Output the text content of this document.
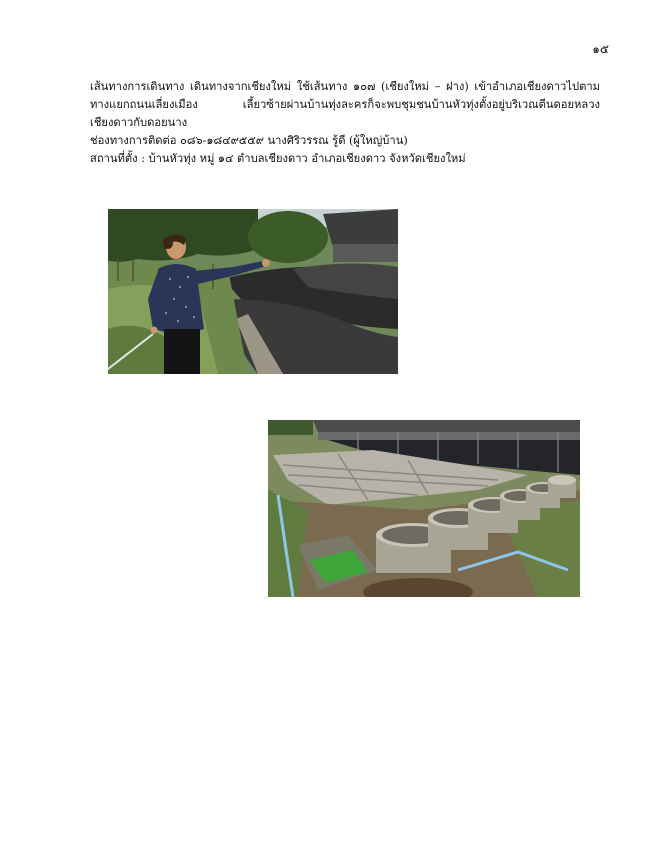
๑๕

เส้นทางการเดินทาง เดินทางจากเชียงใหม่ ใช้เส้นทาง ๑๐๗ (เชียงใหม่ – ฝาง) เข้าอำเภอเชียงดาวไปตามทางแยกถนนเลี่ยงเมือง เลี้ยวซ้ายผ่านบ้านทุ่งละครก็จะพบชุมชนบ้านหัวทุ่งตั้งอยู่บริเวณตีนดอยหลวงเชียงดาวกับดอยนาง

ช่องทางการติดต่อ ๐๘๖-๑๘๔๙๕๕๙ นางศิริวรรณ รู้ดี (ผู้ใหญ่บ้าน)

สถานที่ตั้ง : บ้านหัวทุ่ง หมู่ ๑๔ ตำบลเชียงดาว อำเภอเชียงดาว จังหวัดเชียงใหม่
